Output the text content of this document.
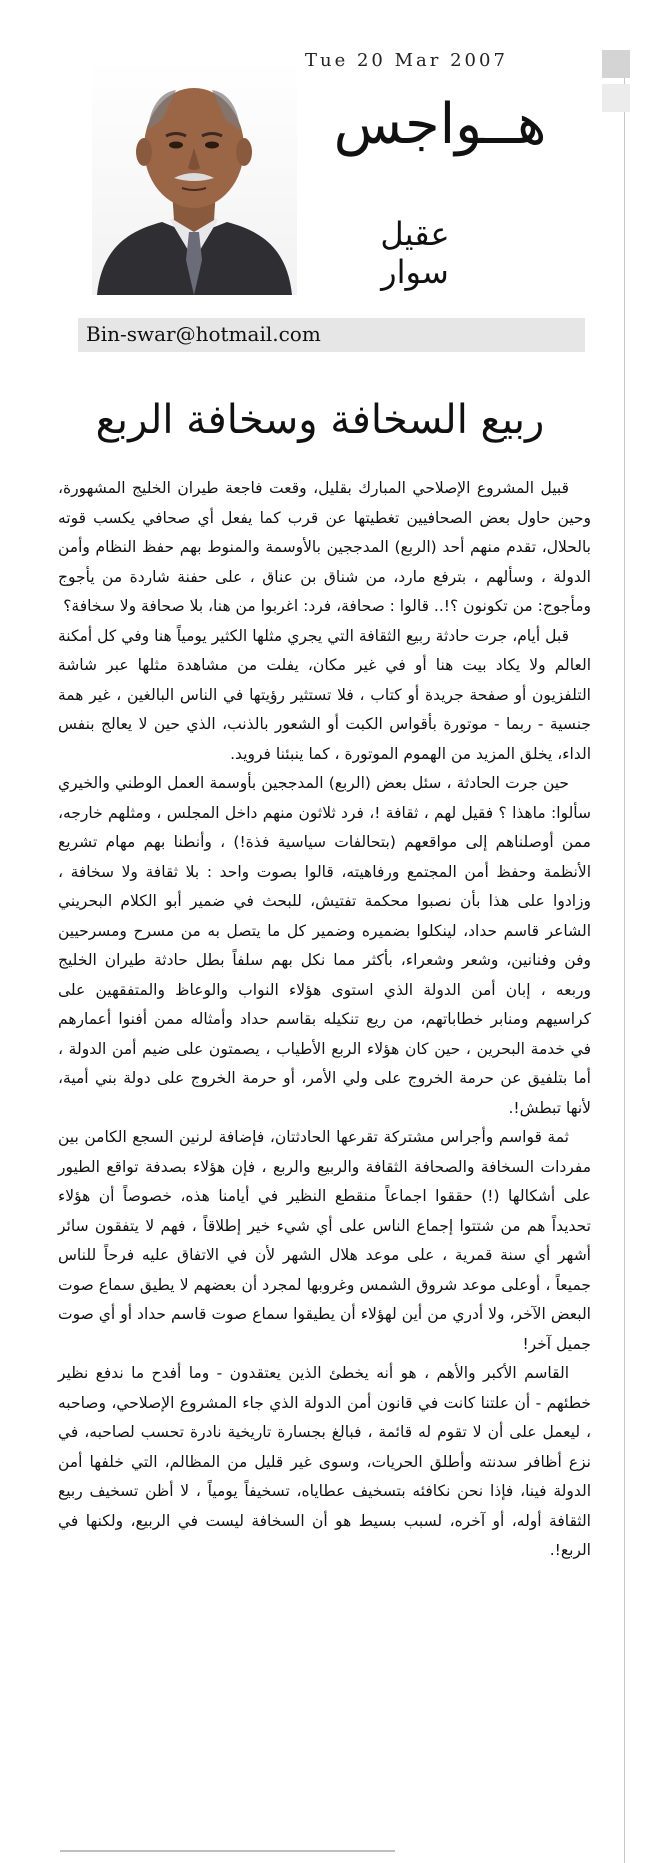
Tue 20 Mar 2007
هــواجس
عقيل سوار
Bin-swar@hotmail.com
ربيع السخافة وسخافة الربع

قبيل المشروع الإصلاحي المبارك بقليل، وقعت فاجعة طيران الخليج المشهورة، وحين حاول بعض الصحافيين تغطيتها عن قرب كما يفعل أي صحافي يكسب قوته بالحلال، تقدم منهم أحد (الربع) المدججين بالأوسمة والمنوط بهم حفظ النظام وأمن الدولة ، وسألهم ، بترفع مارد، من شناق بن عناق ، على حفنة شاردة من يأجوج ومأجوج: من تكونون ؟!.. قالوا : صحافة، فرد: اغربوا من هنا، بلا صحافة ولا سخافة؟

قبل أيام، جرت حادثة ربيع الثقافة التي يجري مثلها الكثير يومياً هنا وفي كل أمكنة العالم ولا يكاد بيت هنا أو في غير مكان، يفلت من مشاهدة مثلها عبر شاشة التلفزيون أو صفحة جريدة أو كتاب ، فلا تستثير رؤيتها في الناس البالغين ، غير همة جنسية - ربما - موتورة بأقواس الكبت أو الشعور بالذنب، الذي حين لا يعالج بنفس الداء، يخلق المزيد من الهموم الموتورة ، كما ينبئنا فرويد.

حين جرت الحادثة ، سئل بعض (الربع) المدججين بأوسمة العمل الوطني والخيري سألوا: ماهذا ؟ فقيل لهم ، ثقافة !، فرد ثلاثون منهم داخل المجلس ، ومثلهم خارجه، ممن أوصلناهم إلى مواقعهم (بتحالفات سياسية فذة!) ، وأنطنا بهم مهام تشريع الأنظمة وحفظ أمن المجتمع ورفاهيته، قالوا بصوت واحد : بلا ثقافة ولا سخافة ، وزادوا على هذا بأن نصبوا محكمة تفتيش، للبحث في ضمير أبو الكلام البحريني الشاعر قاسم حداد، لينكلوا بضميره وضمير كل ما يتصل به من مسرح ومسرحيين وفن وفنانين، وشعر وشعراء، بأكثر مما نكل بهم سلفاً بطل حادثة طيران الخليج وربعه ، إبان أمن الدولة الذي استوى هؤلاء النواب والوعاظ والمتفقهين على كراسيهم ومنابر خطاباتهم، من ريع تنكيله بقاسم حداد وأمثاله ممن أفنوا أعمارهم في خدمة البحرين ، حين كان هؤلاء الربع الأطياب ، يصمتون على ضيم أمن الدولة ، أما بتلفيق عن حرمة الخروج على ولي الأمر، أو حرمة الخروج على دولة بني أمية، لأنها تبطش!.

ثمة قواسم وأجراس مشتركة تقرعها الحادثتان، فإضافة لرنين السجع الكامن بين مفردات السخافة والصحافة الثقافة والربيع والربع ، فإن هؤلاء بصدفة تواقع الطيور على أشكالها (!) حققوا اجماعاً منقطع النظير في أيامنا هذه، خصوصاً أن هؤلاء تحديداً هم من شتتوا إجماع الناس على أي شيء خير إطلاقاً ، فهم لا يتفقون سائر أشهر أي سنة قمرية ، على موعد هلال الشهر لأن في الاتفاق عليه فرحاً للناس جميعاً ، أوعلى موعد شروق الشمس وغروبها لمجرد أن بعضهم لا يطيق سماع صوت البعض الآخر، ولا أدري من أين لهؤلاء أن يطيقوا سماع صوت قاسم حداد أو أي صوت جميل آخر!

القاسم الأكبر والأهم ، هو أنه يخطئ الذين يعتقدون - وما أفدح ما ندفع نظير خطئهم - أن علتنا كانت في قانون أمن الدولة الذي جاء المشروع الإصلاحي، وصاحبه ، ليعمل على أن لا تقوم له قائمة ، فبالغ بجسارة تاريخية نادرة تحسب لصاحبه، في نزع أظافر سدنته وأطلق الحريات، وسوى غير قليل من المظالم، التي خلفها أمن الدولة فينا، فإذا نحن نكافئه بتسخيف عطاياه، تسخيفاً يومياً ، لا أظن تسخيف ربيع الثقافة أوله، أو آخره، لسبب بسيط هو أن السخافة ليست في الربيع، ولكنها في الربع!.
